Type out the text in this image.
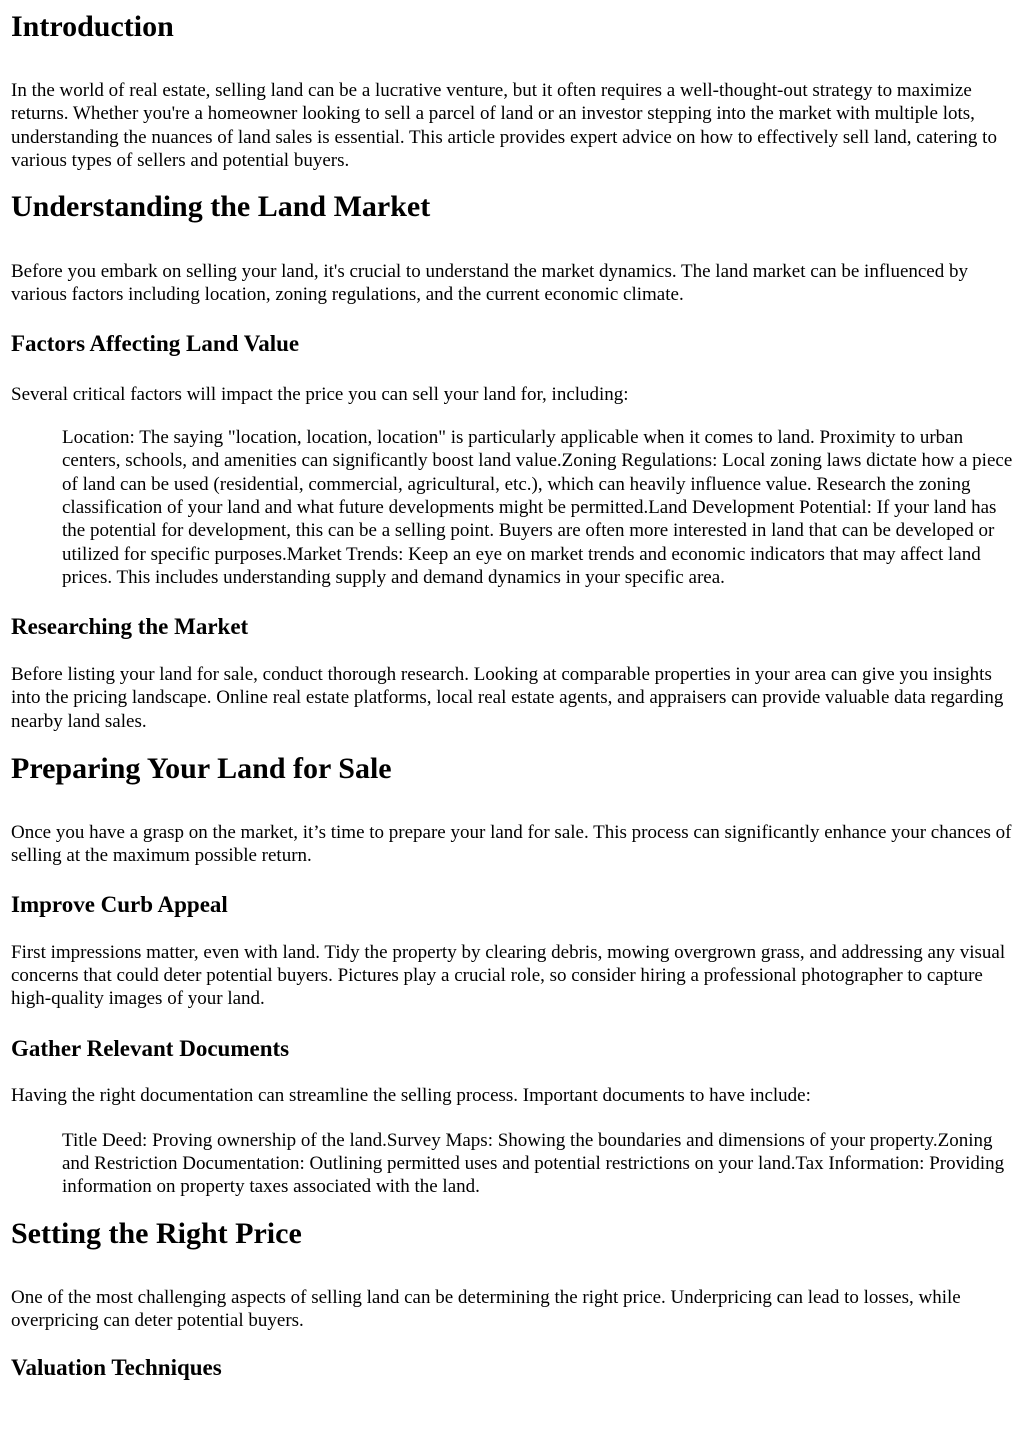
Introduction

In the world of real estate, selling land can be a lucrative venture, but it often requires a well-thought-out strategy to maximize returns. Whether you're a homeowner looking to sell a parcel of land or an investor stepping into the market with multiple lots, understanding the nuances of land sales is essential. This article provides expert advice on how to effectively sell land, catering to various types of sellers and potential buyers.

Understanding the Land Market

Before you embark on selling your land, it's crucial to understand the market dynamics. The land market can be influenced by various factors including location, zoning regulations, and the current economic climate.

Factors Affecting Land Value

Several critical factors will impact the price you can sell your land for, including:

Location: The saying "location, location, location" is particularly applicable when it comes to land. Proximity to urban centers, schools, and amenities can significantly boost land value.Zoning Regulations: Local zoning laws dictate how a piece of land can be used (residential, commercial, agricultural, etc.), which can heavily influence value. Research the zoning classification of your land and what future developments might be permitted.Land Development Potential: If your land has the potential for development, this can be a selling point. Buyers are often more interested in land that can be developed or utilized for specific purposes.Market Trends: Keep an eye on market trends and economic indicators that may affect land prices. This includes understanding supply and demand dynamics in your specific area.
Researching the Market

Before listing your land for sale, conduct thorough research. Looking at comparable properties in your area can give you insights into the pricing landscape. Online real estate platforms, local real estate agents, and appraisers can provide valuable data regarding nearby land sales.

Preparing Your Land for Sale

Once you have a grasp on the market, it’s time to prepare your land for sale. This process can significantly enhance your chances of selling at the maximum possible return.

Improve Curb Appeal

First impressions matter, even with land. Tidy the property by clearing debris, mowing overgrown grass, and addressing any visual concerns that could deter potential buyers. Pictures play a crucial role, so consider hiring a professional photographer to capture high-quality images of your land.

Gather Relevant Documents

Having the right documentation can streamline the selling process. Important documents to have include:

Title Deed: Proving ownership of the land.Survey Maps: Showing the boundaries and dimensions of your property.Zoning and Restriction Documentation: Outlining permitted uses and potential restrictions on your land.Tax Information: Providing information on property taxes associated with the land.
Setting the Right Price

One of the most challenging aspects of selling land can be determining the right price. Underpricing can lead to losses, while overpricing can deter potential buyers.

Valuation Techniques
